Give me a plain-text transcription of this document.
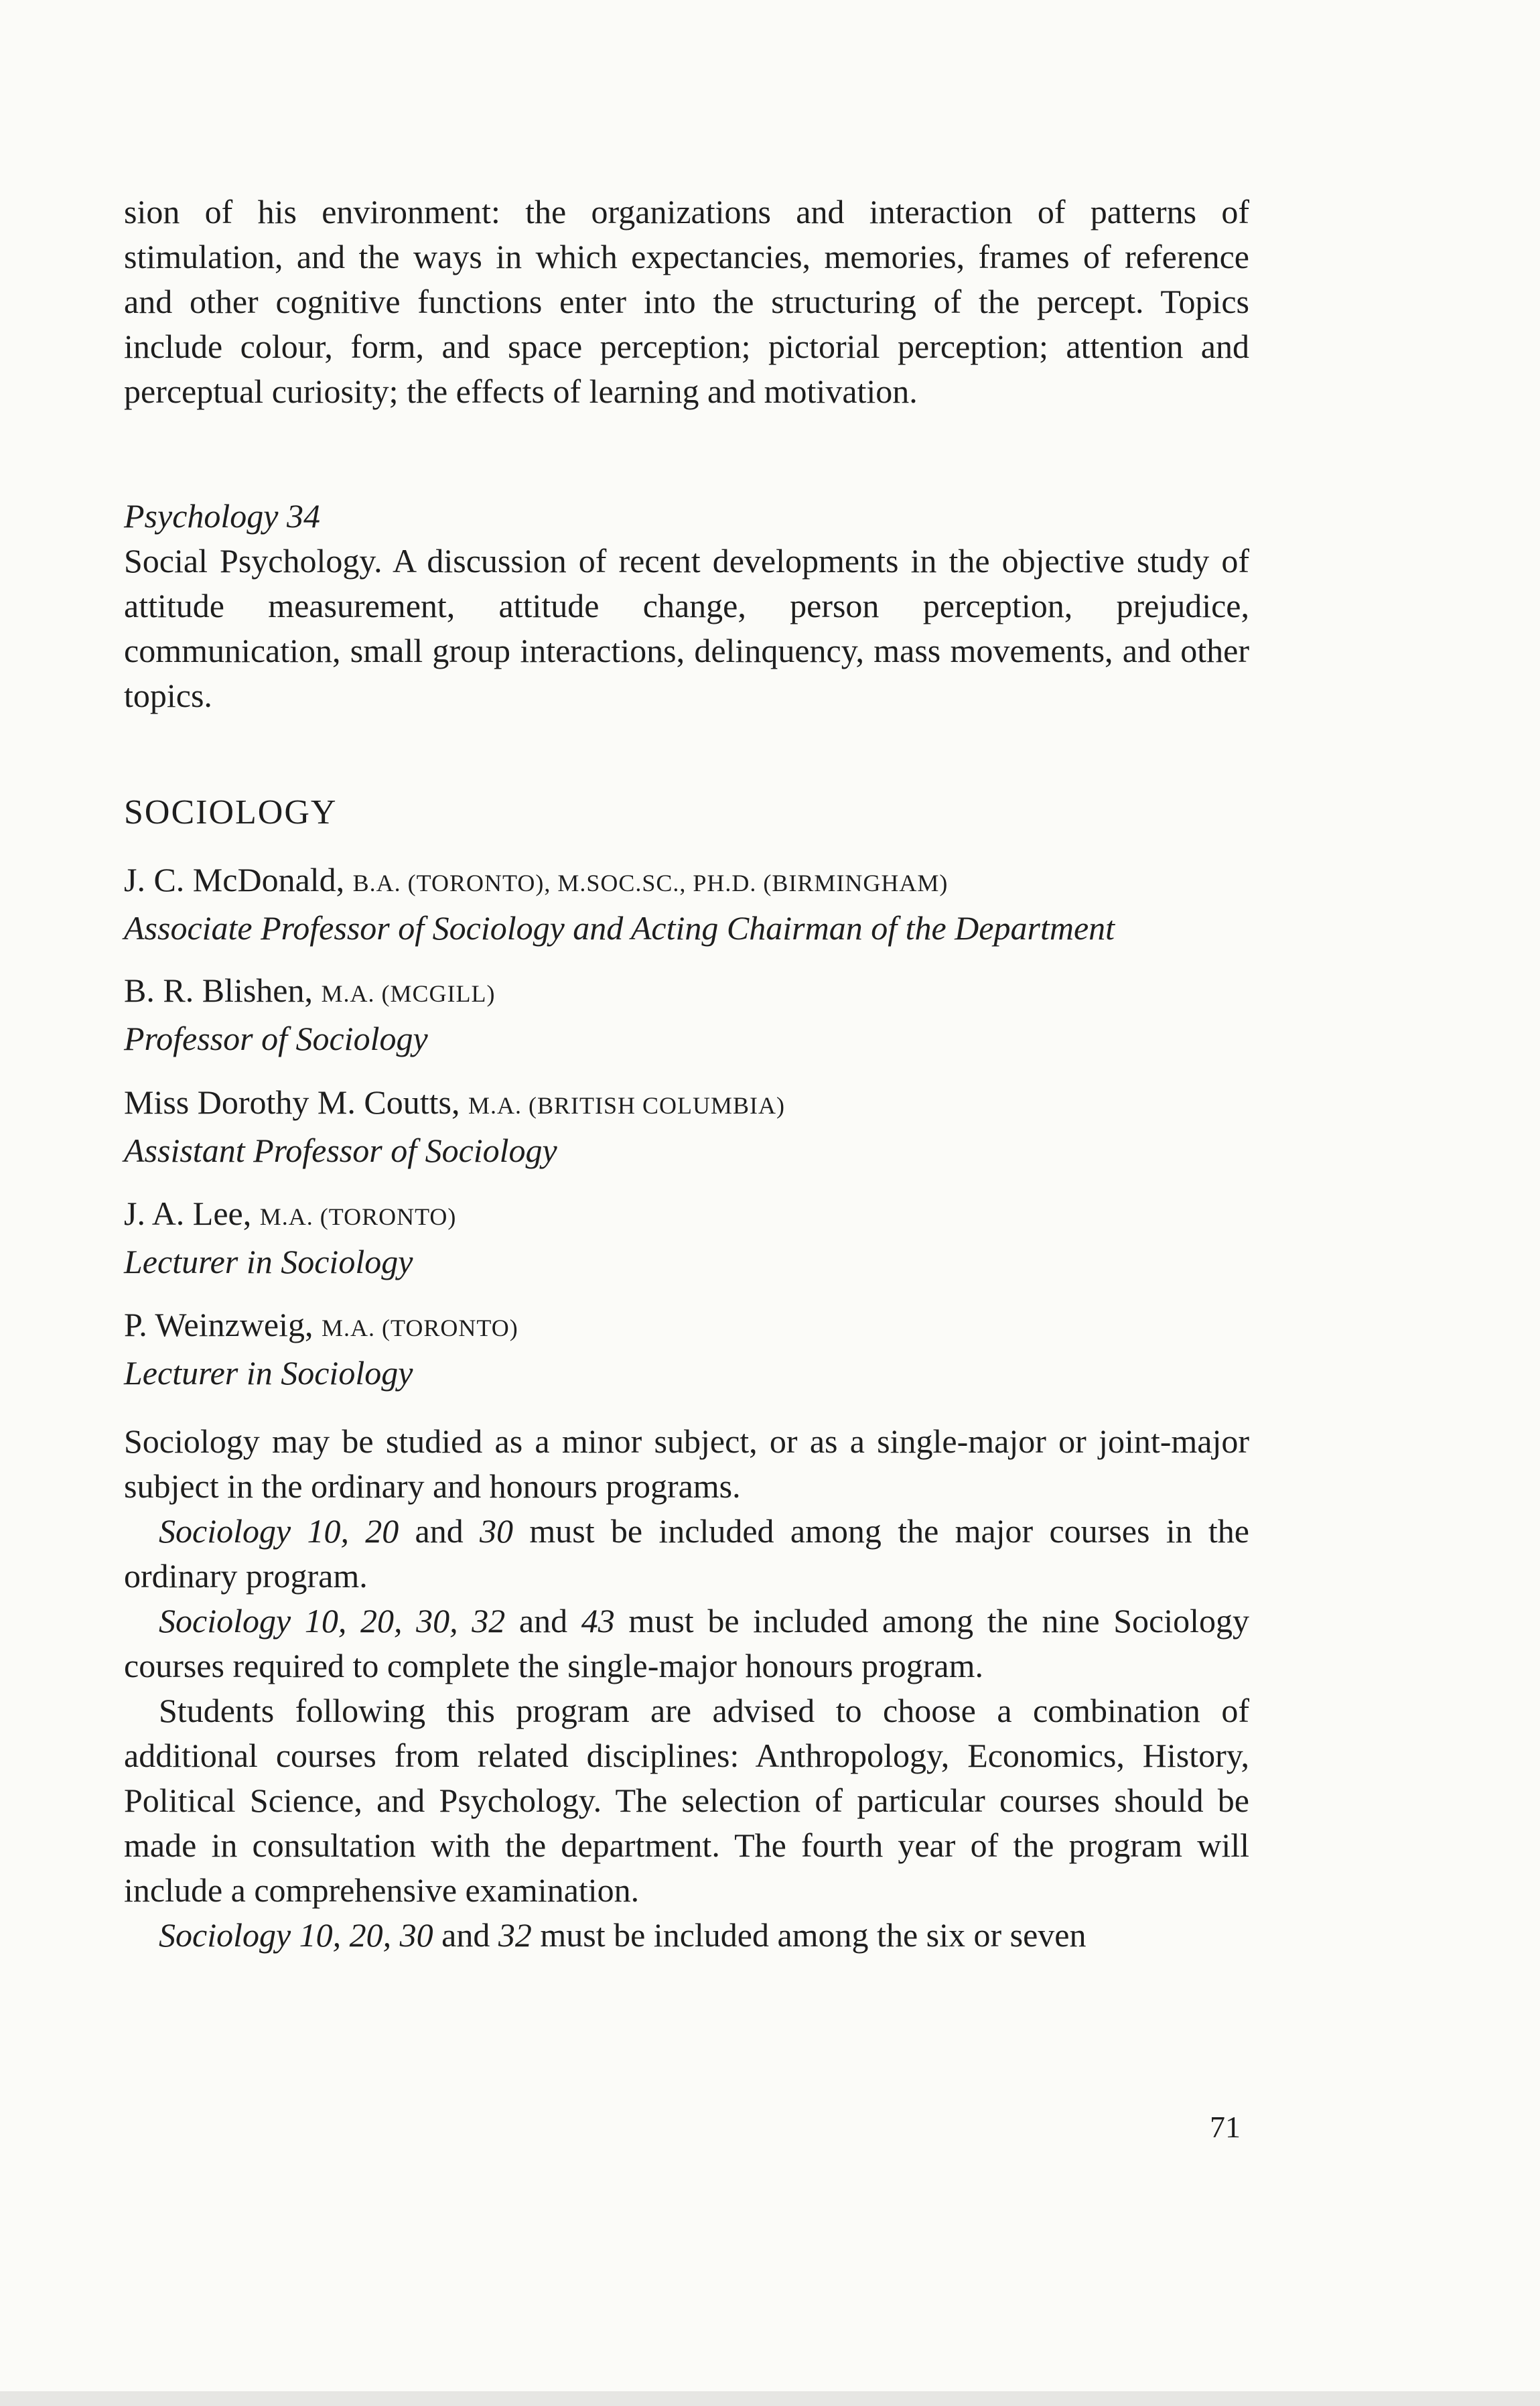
sion of his environment: the organizations and interaction of patterns of stimulation, and the ways in which expectancies, memories, frames of reference and other cognitive functions enter into the structuring of the percept. Topics include colour, form, and space perception; pictorial perception; attention and perceptual curiosity; the effects of learning and motivation.

Psychology 34

Social Psychology. A discussion of recent developments in the objective study of attitude measurement, attitude change, person perception, prejudice, communication, small group interactions, delinquency, mass movements, and other topics.

SOCIOLOGY
J. C. McDonald, B.A. (TORONTO), M.SOC.SC., PH.D. (BIRMINGHAM)
Associate Professor of Sociology and Acting Chairman of the Department
B. R. Blishen, M.A. (MCGILL)
Professor of Sociology
Miss Dorothy M. Coutts, M.A. (BRITISH COLUMBIA)
Assistant Professor of Sociology
J. A. Lee, M.A. (TORONTO)
Lecturer in Sociology
P. Weinzweig, M.A. (TORONTO)
Lecturer in Sociology

Sociology may be studied as a minor subject, or as a single-major or joint-major subject in the ordinary and honours programs.

Sociology 10, 20 and 30 must be included among the major courses in the ordinary program.

Sociology 10, 20, 30, 32 and 43 must be included among the nine Sociology courses required to complete the single-major honours program.

Students following this program are advised to choose a combination of additional courses from related disciplines: Anthropology, Economics, History, Political Science, and Psychology. The selection of particular courses should be made in consultation with the department. The fourth year of the program will include a comprehensive examination.

Sociology 10, 20, 30 and 32 must be included among the six or seven

71
